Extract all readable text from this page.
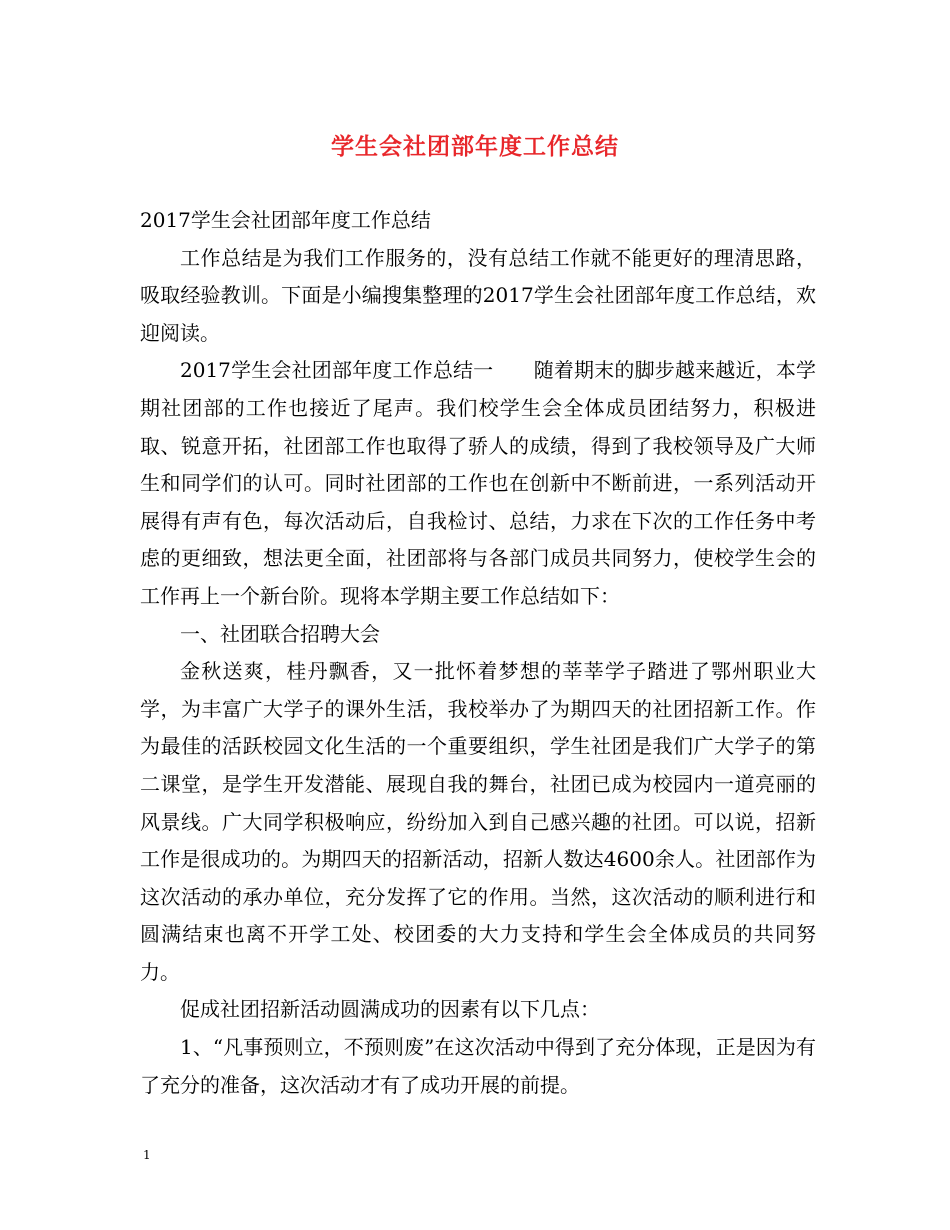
学生会社团部年度工作总结

2017学生会社团部年度工作总结

工作总结是为我们工作服务的，没有总结工作就不能更好的理清思路，吸取经验教训。下面是小编搜集整理的2017学生会社团部年度工作总结，欢迎阅读。

2017学生会社团部年度工作总结一　　随着期末的脚步越来越近，本学期社团部的工作也接近了尾声。我们校学生会全体成员团结努力，积极进取、锐意开拓，社团部工作也取得了骄人的成绩，得到了我校领导及广大师生和同学们的认可。同时社团部的工作也在创新中不断前进，一系列活动开展得有声有色，每次活动后，自我检讨、总结，力求在下次的工作任务中考虑的更细致，想法更全面，社团部将与各部门成员共同努力，使校学生会的工作再上一个新台阶。现将本学期主要工作总结如下：

一、社团联合招聘大会

金秋送爽，桂丹飘香，又一批怀着梦想的莘莘学子踏进了鄂州职业大学，为丰富广大学子的课外生活，我校举办了为期四天的社团招新工作。作为最佳的活跃校园文化生活的一个重要组织，学生社团是我们广大学子的第二课堂，是学生开发潜能、展现自我的舞台，社团已成为校园内一道亮丽的风景线。广大同学积极响应，纷纷加入到自己感兴趣的社团。可以说，招新工作是很成功的。为期四天的招新活动，招新人数达4600余人。社团部作为这次活动的承办单位，充分发挥了它的作用。当然，这次活动的顺利进行和圆满结束也离不开学工处、校团委的大力支持和学生会全体成员的共同努力。

促成社团招新活动圆满成功的因素有以下几点：

1、“凡事预则立，不预则废”在这次活动中得到了充分体现，正是因为有了充分的准备，这次活动才有了成功开展的前提。

1
